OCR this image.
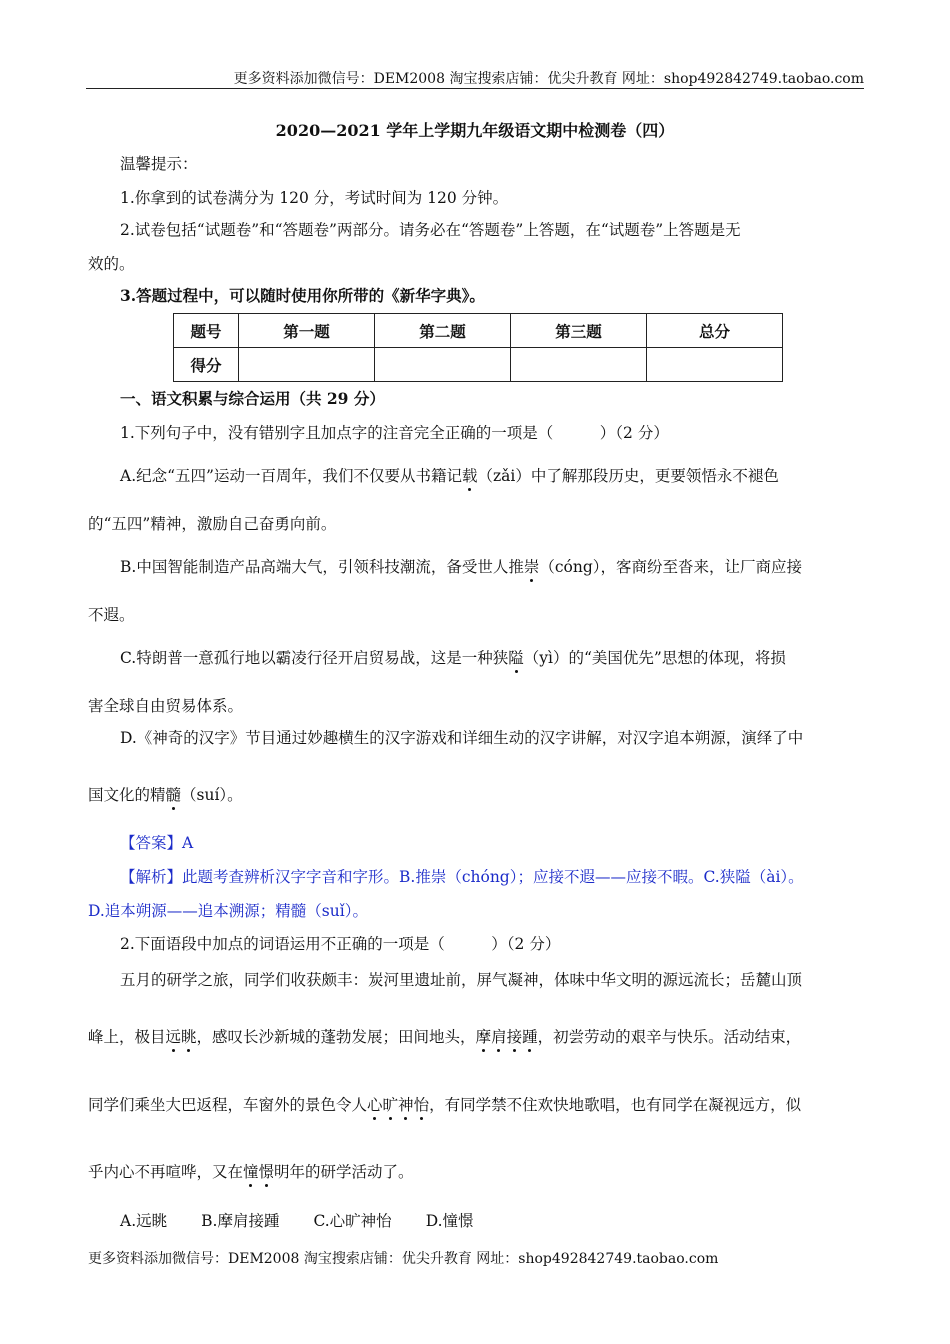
更多资料添加微信号：DEM2008 淘宝搜索店铺：优尖升教育 网址：shop492842749.taobao.com
2020—2021 学年上学期九年级语文期中检测卷（四）
温馨提示：
1.你拿到的试卷满分为 120 分，考试时间为 120 分钟。
2.试卷包括“试题卷”和“答题卷”两部分。请务必在“答题卷”上答题，在“试题卷”上答题是无
效的。
3.答题过程中，可以随时使用你所带的《新华字典》。
题号	第一题	第二题	第三题	总分
得分				
一、语文积累与综合运用（共 29 分）
1.下列句子中，没有错别字且加点字的注音完全正确的一项是（　　　）（2 分）
A.纪念“五四”运动一百周年，我们不仅要从书籍记载（zǎi）中了解那段历史，更要领悟永不褪色
的“五四”精神，激励自己奋勇向前。
B.中国智能制造产品高端大气，引领科技潮流，备受世人推崇（cóng），客商纷至沓来，让厂商应接
不遐。
C.特朗普一意孤行地以霸凌行径开启贸易战，这是一种狭隘（yì）的“美国优先”思想的体现，将损
害全球自由贸易体系。
D.《神奇的汉字》节目通过妙趣横生的汉字游戏和详细生动的汉字讲解，对汉字追本朔源，演绎了中
国文化的精髓（suí）。
【答案】A
【解析】此题考查辨析汉字字音和字形。B.推崇（chóng）；应接不遐——应接不暇。C.狭隘（ài）。
D.追本朔源——追本溯源；精髓（suǐ）。
2.下面语段中加点的词语运用不正确的一项是（　　　）（2 分）
五月的研学之旅，同学们收获颇丰：炭河里遗址前，屏气凝神，体味中华文明的源远流长；岳麓山顶
峰上，极目远眺，感叹长沙新城的蓬勃发展；田间地头，摩肩接踵，初尝劳动的艰辛与快乐。活动结束，
同学们乘坐大巴返程，车窗外的景色令人心旷神怡，有同学禁不住欢快地歌唱，也有同学在凝视远方，似
乎内心不再喧哗，又在憧憬明年的研学活动了。
A.远眺 B.摩肩接踵 C.心旷神怡 D.憧憬
更多资料添加微信号：DEM2008 淘宝搜索店铺：优尖升教育 网址：shop492842749.taobao.com
